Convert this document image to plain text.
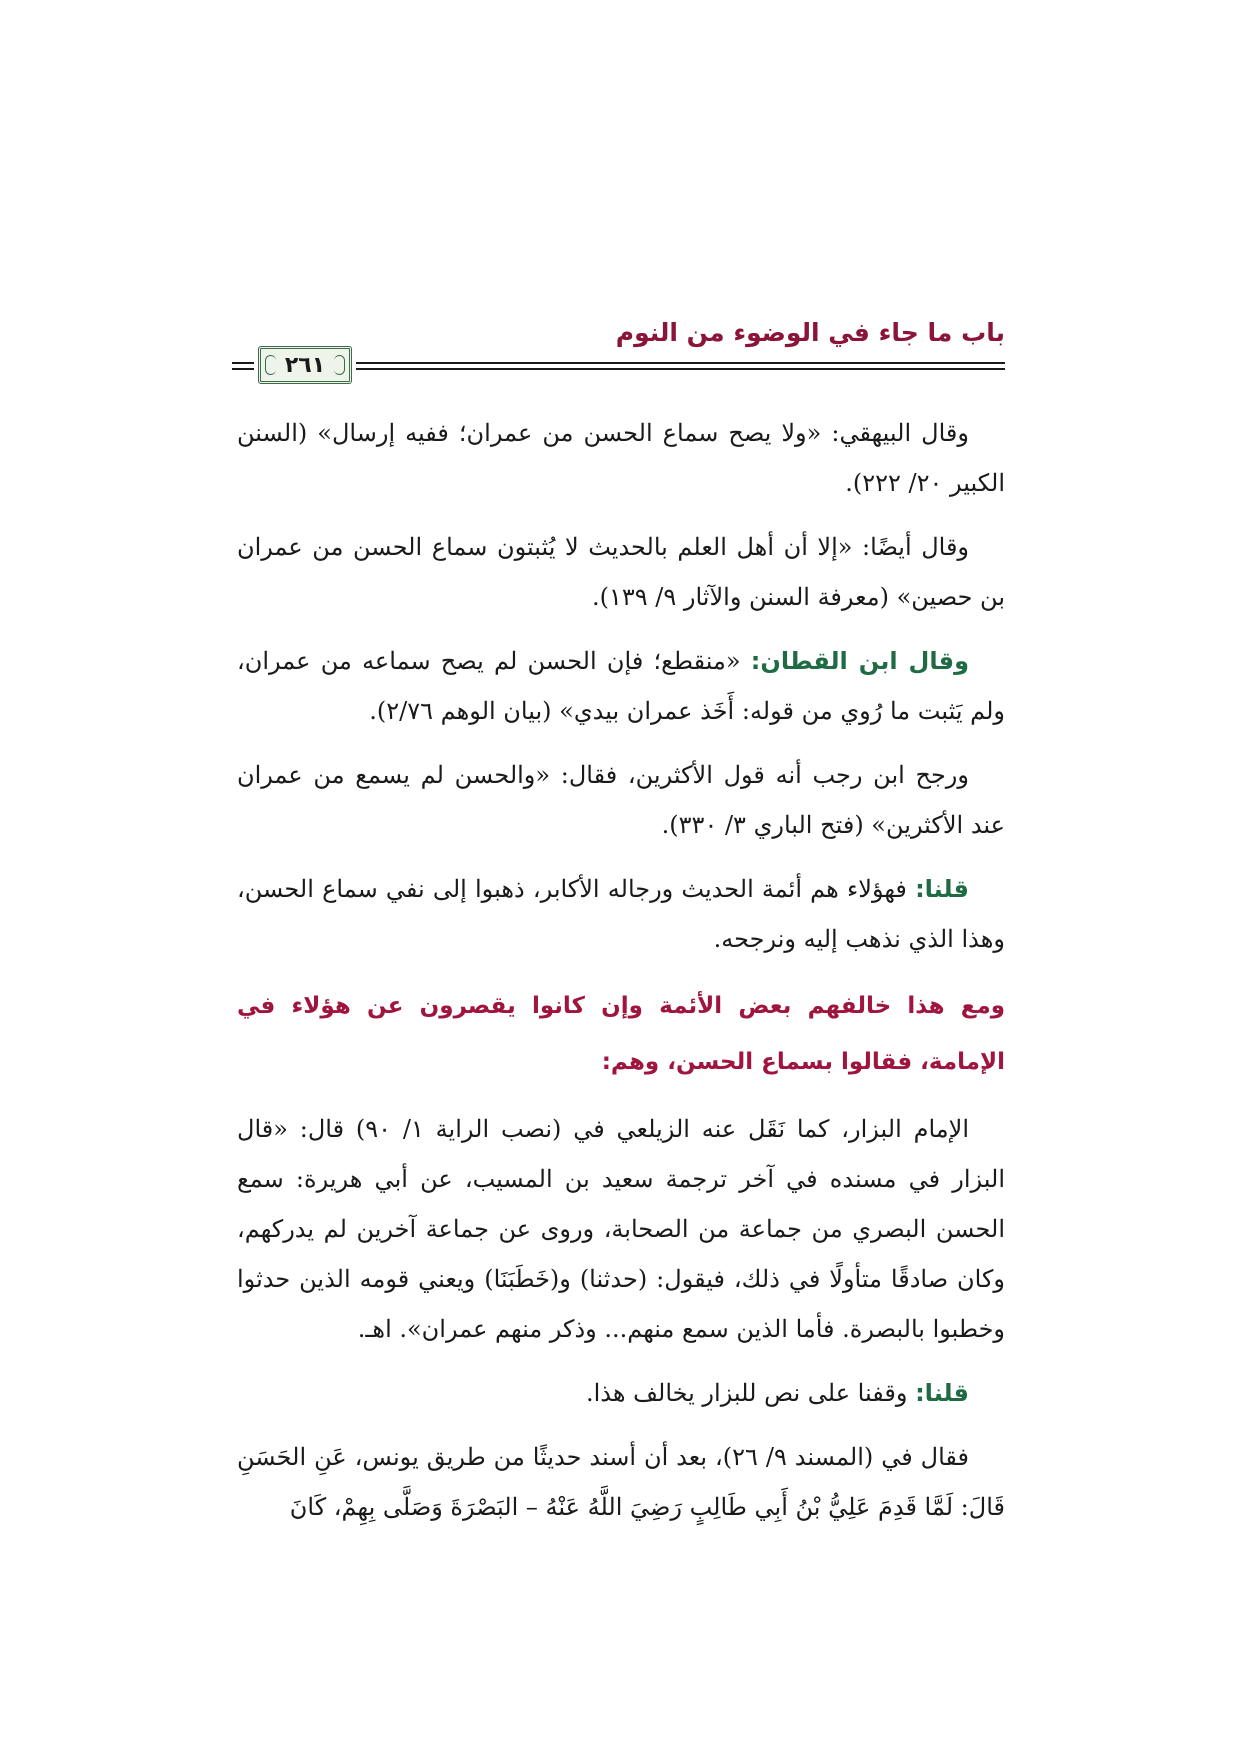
باب ما جاء في الوضوء من النوم
٢٦١

وقال البيهقي: «ولا يصح سماع الحسن من عمران؛ ففيه إرسال» (السنن الكبير ٢٠/ ٢٢٢).

وقال أيضًا: «إلا أن أهل العلم بالحديث لا يُثبتون سماع الحسن من عمران بن حصين» (معرفة السنن والآثار ٩/ ١٣٩).

وقال ابن القطان: «منقطع؛ فإن الحسن لم يصح سماعه من عمران، ولم يَثبت ما رُوي من قوله: أَخَذ عمران بيدي» (بيان الوهم ٢/٧٦).

ورجح ابن رجب أنه قول الأكثرين، فقال: «والحسن لم يسمع من عمران عند الأكثرين» (فتح الباري ٣/ ٣٣٠).

قلنا: فهؤلاء هم أئمة الحديث ورجاله الأكابر، ذهبوا إلى نفي سماع الحسن، وهذا الذي نذهب إليه ونرجحه.

ومع هذا خالفهم بعض الأئمة وإن كانوا يقصرون عن هؤلاء في الإمامة، فقالوا بسماع الحسن، وهم:

الإمام البزار، كما نَقَل عنه الزيلعي في (نصب الراية ١/ ٩٠) قال: «قال البزار في مسنده في آخر ترجمة سعيد بن المسيب، عن أبي هريرة: سمع الحسن البصري من جماعة من الصحابة، وروى عن جماعة آخرين لم يدركهم، وكان صادقًا متأولًا في ذلك، فيقول: (حدثنا) و(خَطَبَنَا) ويعني قومه الذين حدثوا وخطبوا بالبصرة. فأما الذين سمع منهم... وذكر منهم عمران». اهـ.

قلنا: وقفنا على نص للبزار يخالف هذا.

فقال في (المسند ٩/ ٢٦)، بعد أن أسند حديثًا من طريق يونس، عَنِ الحَسَنِ قَالَ: لَمَّا قَدِمَ عَلِيُّ بْنُ أَبِي طَالِبٍ رَضِيَ اللَّهُ عَنْهُ – البَصْرَةَ وَصَلَّى بِهِمْ، كَانَ
